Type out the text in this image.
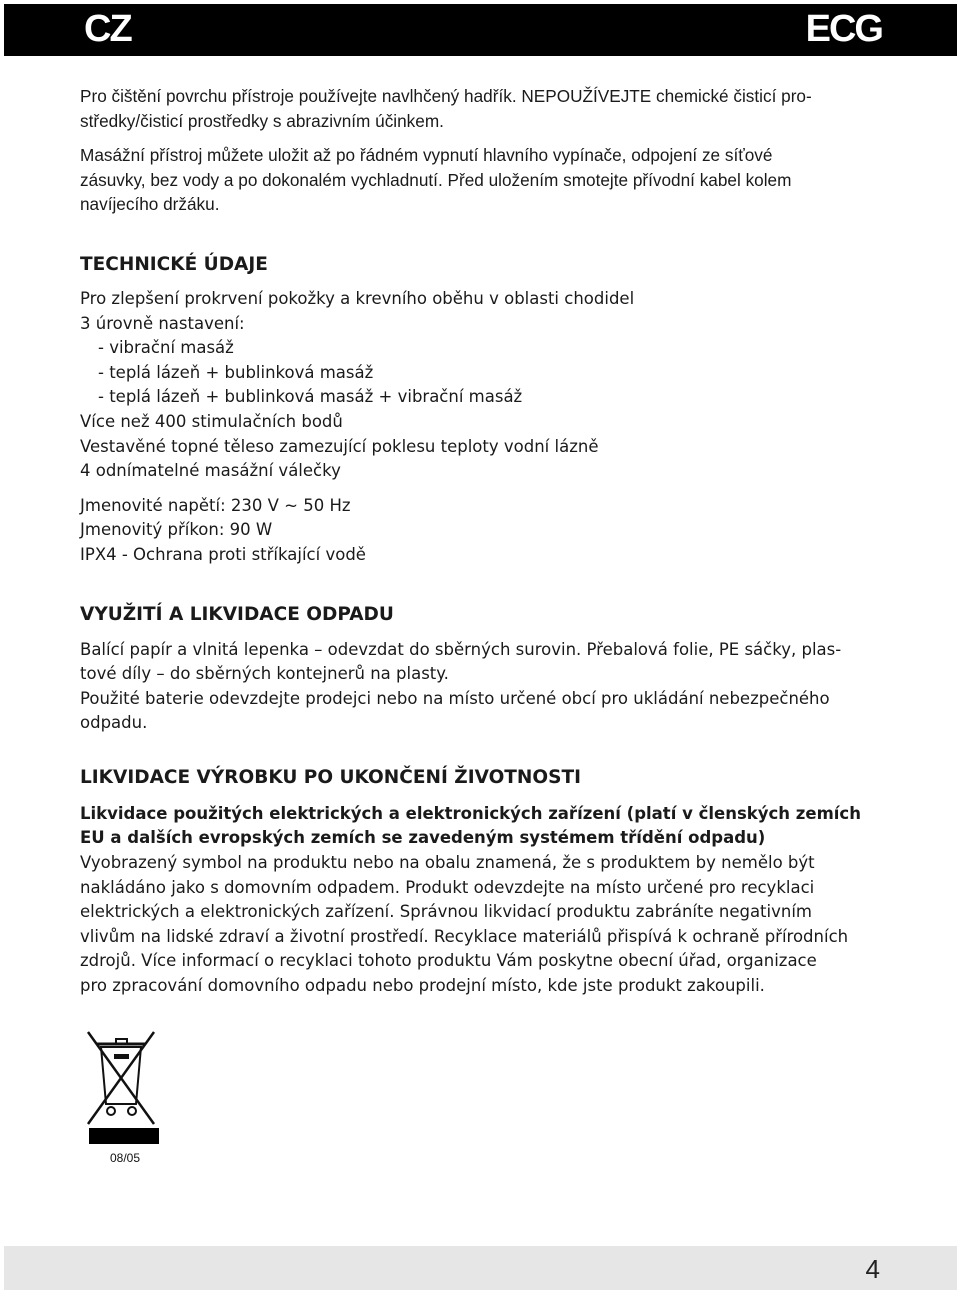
CZ	ECG

Pro čištění povrchu přístroje používejte navlhčený hadřík. NEPOUŽÍVEJTE chemické čisticí pro-

středky/čisticí prostředky s abrazivním účinkem.

Masážní přístroj můžete uložit až po řádném vypnutí hlavního vypínače, odpojení ze síťové

zásuvky, bez vody a po dokonalém vychladnutí. Před uložením smotejte přívodní kabel kolem

navíjecího držáku.

TECHNICKÉ ÚDAJE

Pro zlepšení prokrvení pokožky a krevního oběhu v oblasti chodidel

3 úrovně nastavení:

- vibrační masáž

- teplá lázeň + bublinková masáž

- teplá lázeň + bublinková masáž + vibrační masáž

Více než 400 stimulačních bodů

Vestavěné topné těleso zamezující poklesu teploty vodní lázně

4 odnímatelné masážní válečky

Jmenovité napětí: 230 V ~ 50 Hz

Jmenovitý příkon: 90 W

IPX4 - Ochrana proti stříkající vodě

VYUŽITÍ A LIKVIDACE ODPADU

Balící papír a vlnitá lepenka – odevzdat do sběrných surovin. Přebalová folie, PE sáčky, plas-

tové díly – do sběrných kontejnerů na plasty.

Použité baterie odevzdejte prodejci nebo na místo určené obcí pro ukládání nebezpečného

odpadu.

LIKVIDACE VÝROBKU PO UKONČENÍ ŽIVOTNOSTI

Likvidace použitých elektrických a elektronických zařízení (platí v členských zemích

EU a dalších evropských zemích se zavedeným systémem třídění odpadu)

Vyobrazený symbol na produktu nebo na obalu znamená, že s produktem by nemělo být

nakládáno jako s domovním odpadem. Produkt odevzdejte na místo určené pro recyklaci

elektrických a elektronických zařízení. Správnou likvidací produktu zabráníte negativním

vlivům na lidské zdraví a životní prostředí. Recyklace materiálů přispívá k ochraně přírodních

zdrojů. Více informací o recyklaci tohoto produktu Vám poskytne obecní úřad, organizace

pro zpracování domovního odpadu nebo prodejní místo, kde jste produkt zakoupili.

08/05
4
